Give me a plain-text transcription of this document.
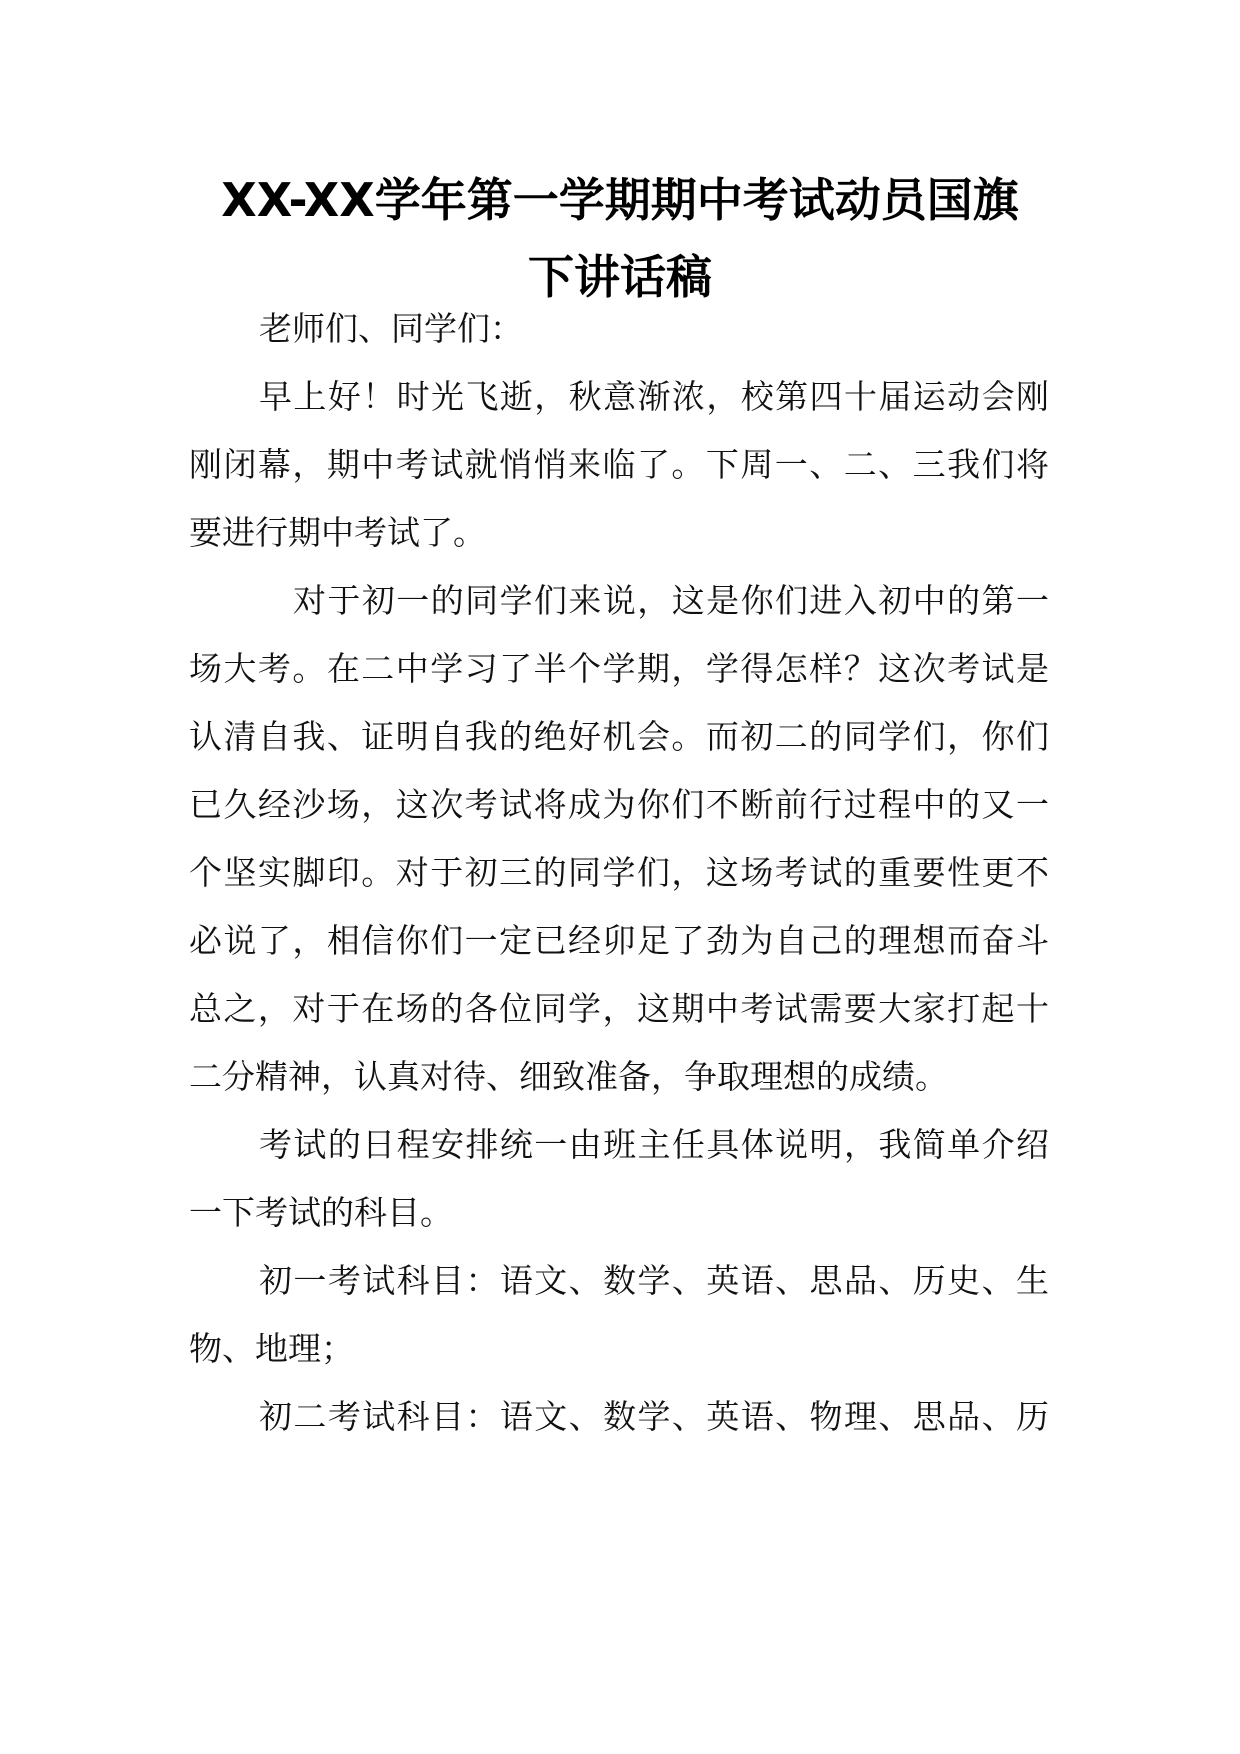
XX-XX学年第一学期期中考试动员国旗
下讲话稿

老师们、同学们：

早上好！时光飞逝，秋意渐浓，校第四十届运动会刚

刚闭幕，期中考试就悄悄来临了。下周一、二、三我们将

要进行期中考试了。

对于初一的同学们来说，这是你们进入初中的第一

场大考。在二中学习了半个学期，学得怎样？这次考试是

认清自我、证明自我的绝好机会。而初二的同学们，你们

已久经沙场，这次考试将成为你们不断前行过程中的又一

个坚实脚印。对于初三的同学们，这场考试的重要性更不

必说了，相信你们一定已经卯足了劲为自己的理想而奋斗

总之，对于在场的各位同学，这期中考试需要大家打起十

二分精神，认真对待、细致准备，争取理想的成绩。

考试的日程安排统一由班主任具体说明，我简单介绍

一下考试的科目。

初一考试科目：语文、数学、英语、思品、历史、生

物、地理；

初二考试科目：语文、数学、英语、物理、思品、历
